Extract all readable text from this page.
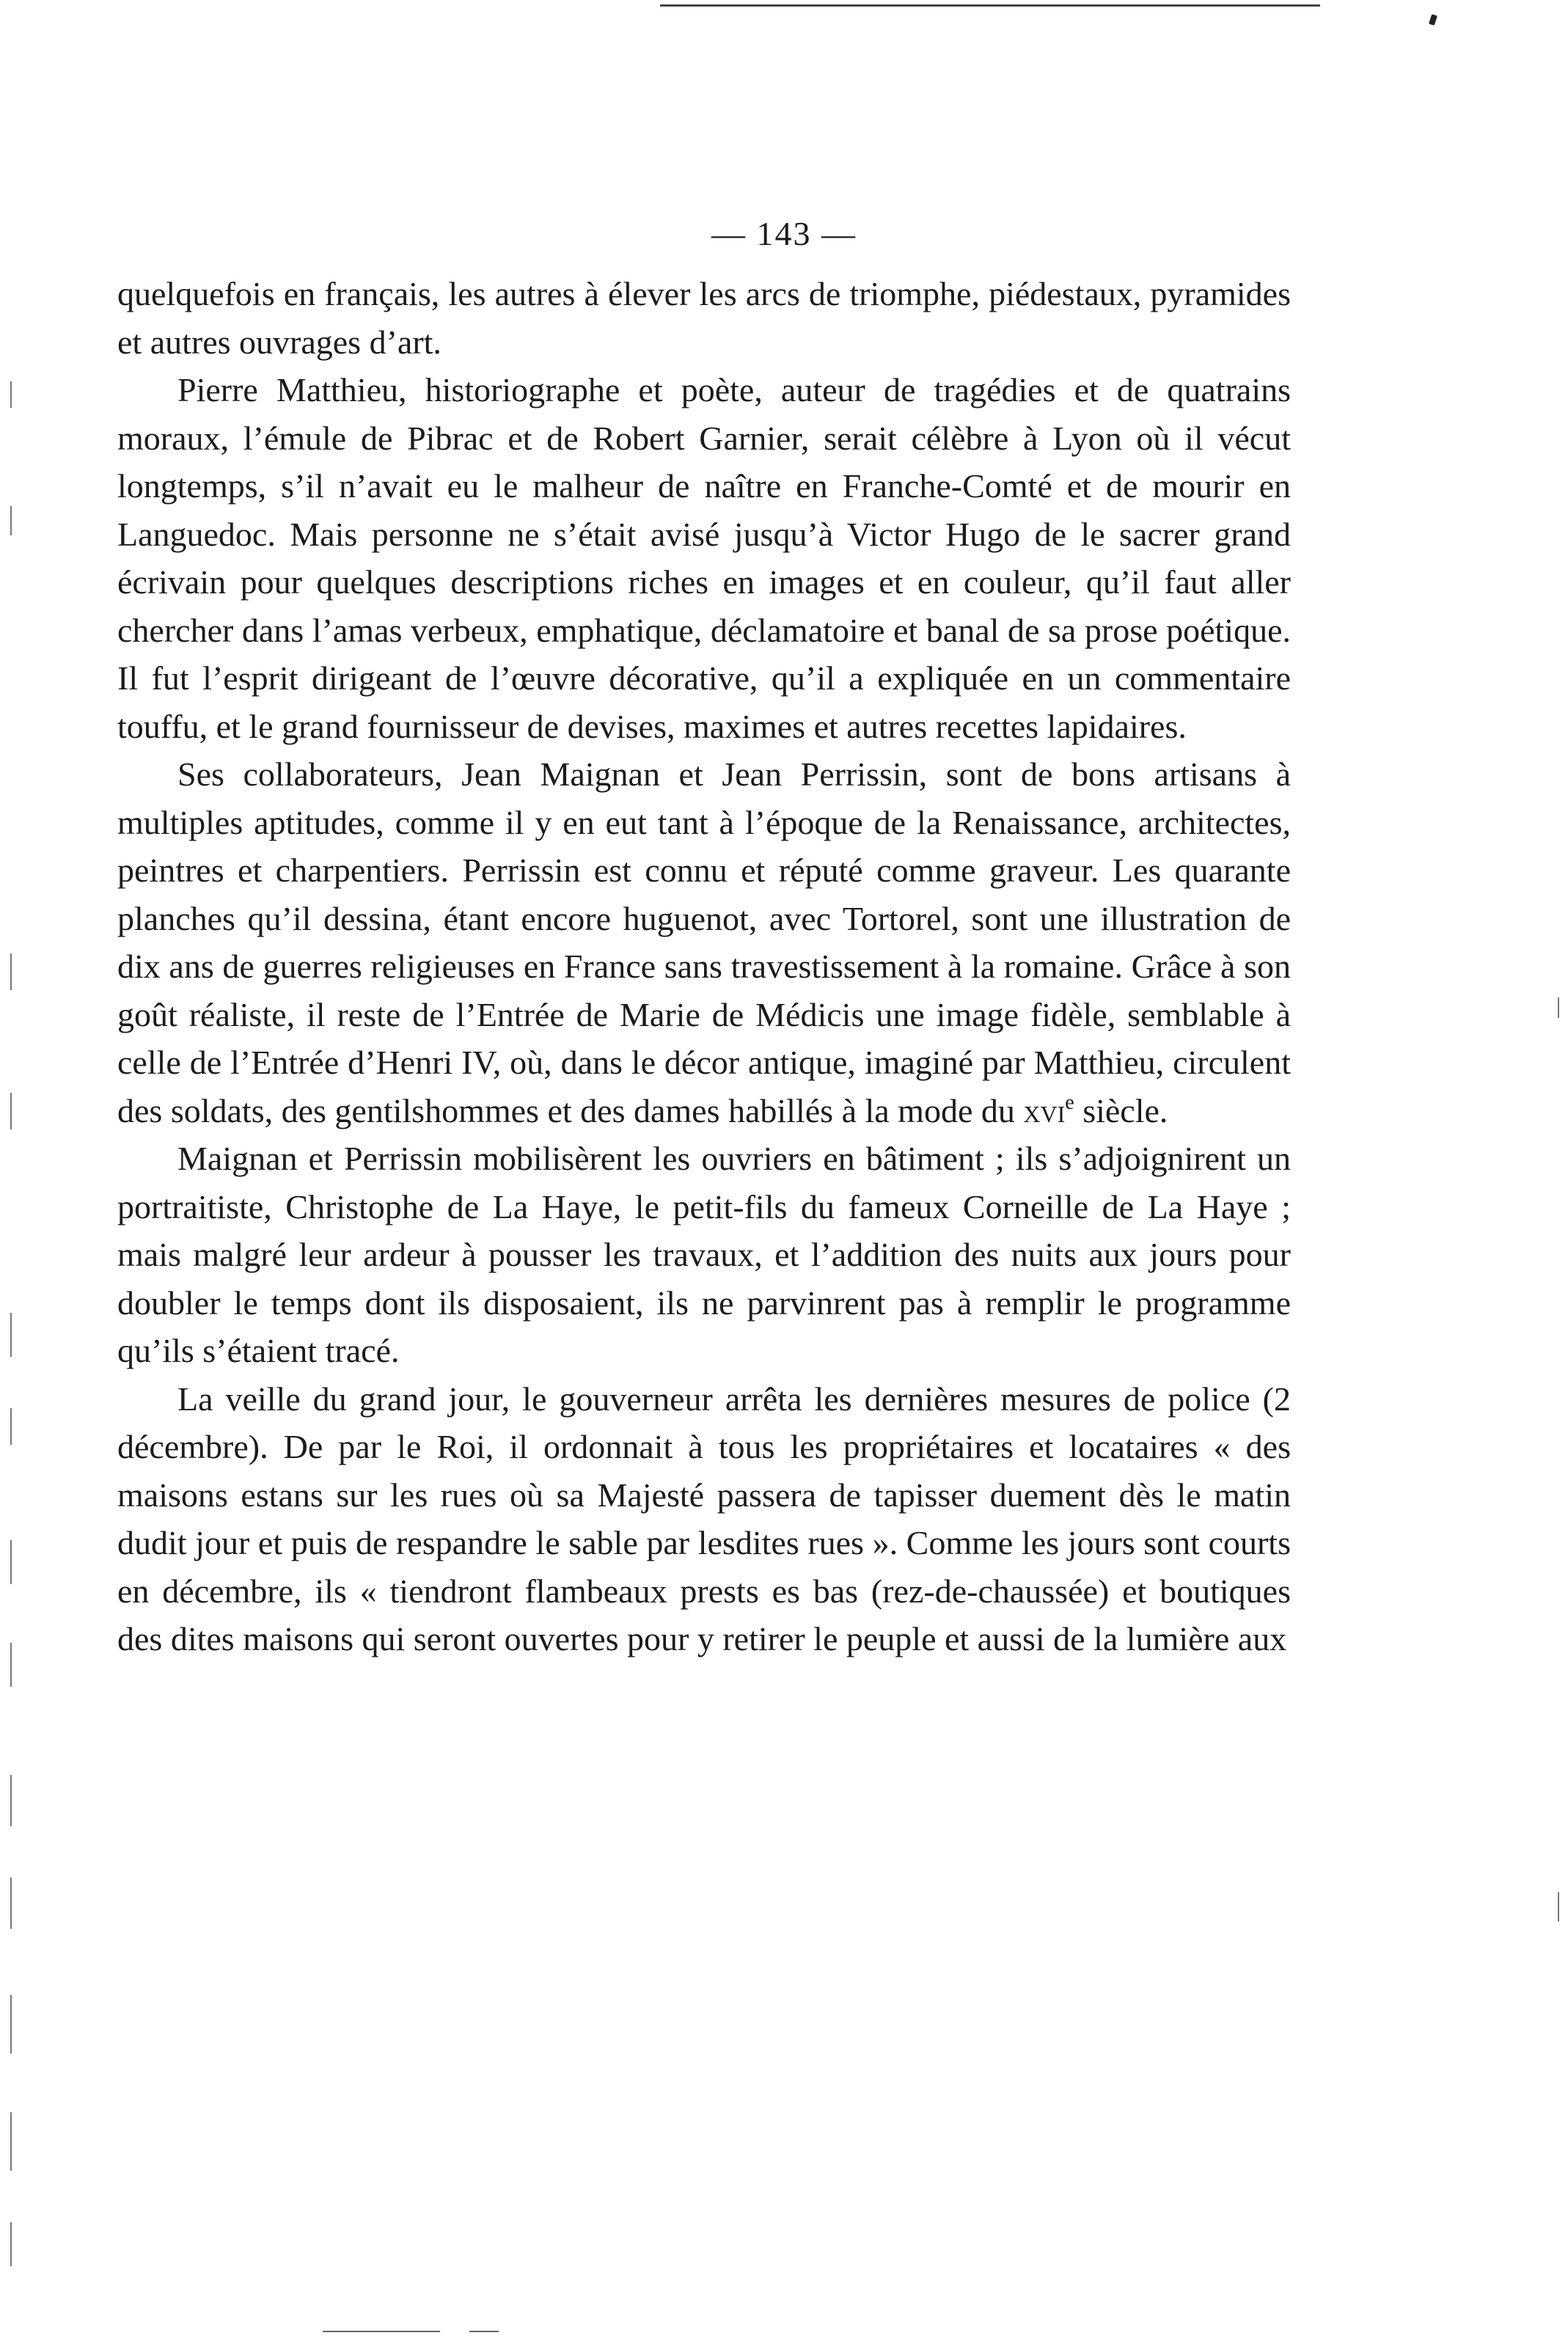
— 143 —

quelquefois en français, les autres à élever les arcs de triomphe, piédestaux, pyramides et autres ouvrages d’art.

Pierre Matthieu, historiographe et poète, auteur de tragédies et de quatrains moraux, l’émule de Pibrac et de Robert Garnier, serait célèbre à Lyon où il vécut longtemps, s’il n’avait eu le malheur de naître en Franche-Comté et de mourir en Languedoc. Mais personne ne s’était avisé jusqu’à Victor Hugo de le sacrer grand écrivain pour quelques descriptions riches en images et en couleur, qu’il faut aller chercher dans l’amas verbeux, emphatique, déclamatoire et banal de sa prose poétique. Il fut l’esprit dirigeant de l’œuvre décorative, qu’il a expliquée en un commentaire touffu, et le grand fournisseur de devises, maximes et autres recettes lapidaires.

Ses collaborateurs, Jean Maignan et Jean Perrissin, sont de bons artisans à multiples aptitudes, comme il y en eut tant à l’époque de la Renaissance, architectes, peintres et charpentiers. Perrissin est connu et réputé comme graveur. Les quarante planches qu’il dessina, étant encore huguenot, avec Tortorel, sont une illustration de dix ans de guerres religieuses en France sans travestissement à la romaine. Grâce à son goût réaliste, il reste de l’Entrée de Marie de Médicis une image fidèle, semblable à celle de l’Entrée d’Henri IV, où, dans le décor antique, imaginé par Matthieu, circulent des soldats, des gentilshommes et des dames habillés à la mode du xvi$^e$ siècle.

Maignan et Perrissin mobilisèrent les ouvriers en bâtiment ; ils s’adjoignirent un portraitiste, Christophe de La Haye, le petit-fils du fameux Corneille de La Haye ; mais malgré leur ardeur à pousser les travaux, et l’addition des nuits aux jours pour doubler le temps dont ils disposaient, ils ne parvinrent pas à remplir le programme qu’ils s’étaient tracé.

La veille du grand jour, le gouverneur arrêta les dernières mesures de police (2 décembre). De par le Roi, il ordonnait à tous les propriétaires et locataires « des maisons estans sur les rues où sa Majesté passera de tapisser duement dès le matin dudit jour et puis de respandre le sable par lesdites rues ». Comme les jours sont courts en décembre, ils « tiendront flambeaux prests es bas (rez-de-chaussée) et boutiques des dites maisons qui seront ouvertes pour y retirer le peuple et aussi de la lumière aux
